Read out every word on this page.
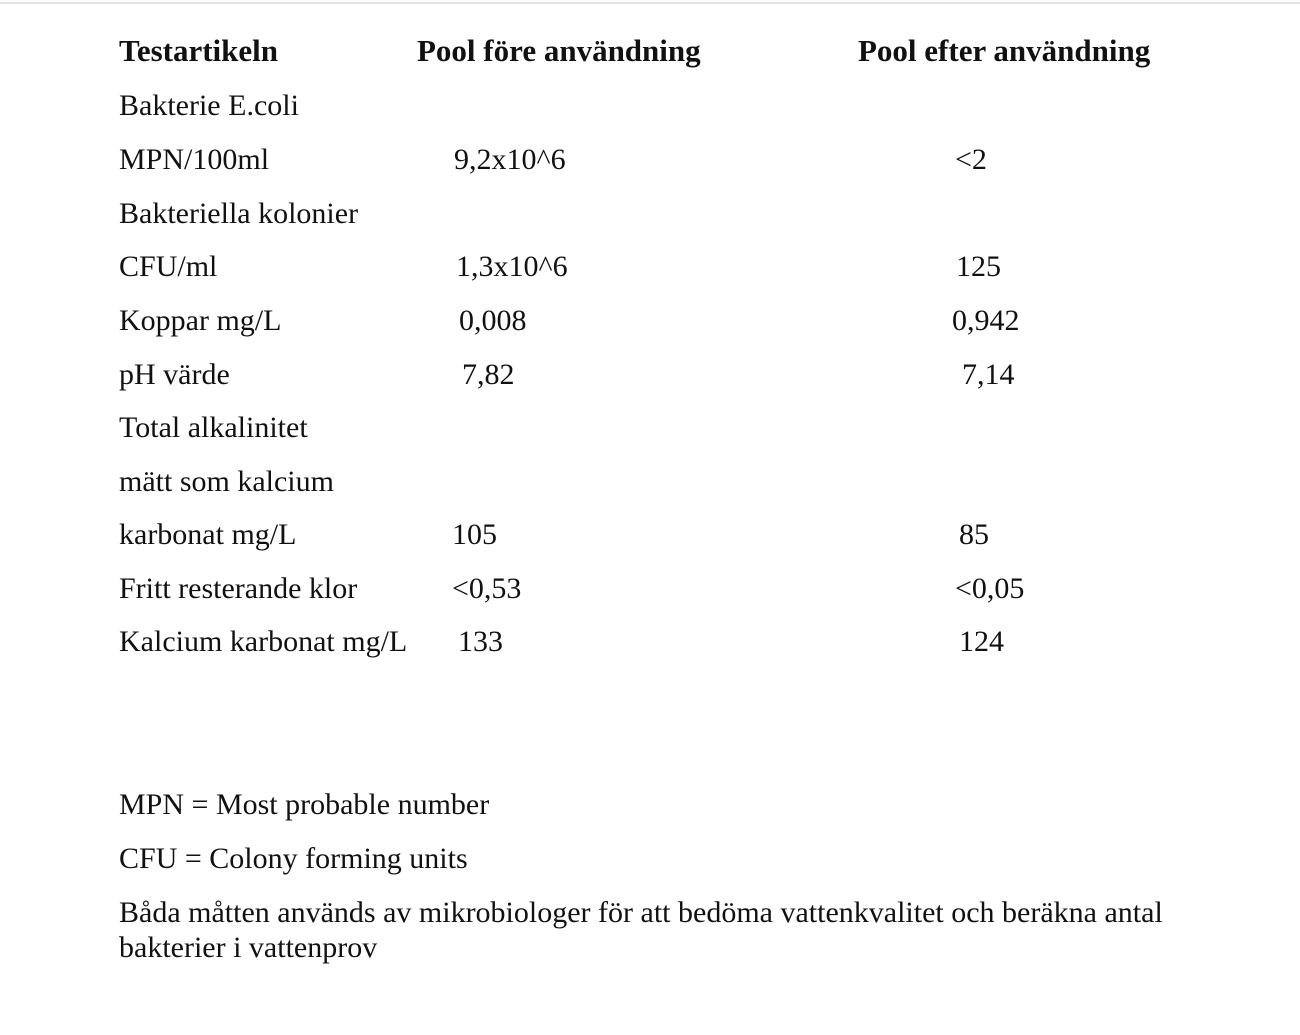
Testartikeln	Pool före användning	Pool efter användning
Bakterie E.coli
MPN/100ml	9,2x10^6	<2
Bakteriella kolonier
CFU/ml	1,3x10^6	125
Koppar mg/L	0,008	0,942
pH värde	7,82	7,14
Total alkalinitet
mätt som kalcium
karbonat mg/L	105	85
Fritt resterande klor	<0,53	<0,05
Kalcium karbonat mg/L 133	124
MPN = Most probable number
CFU = Colony forming units
Båda måtten används av mikrobiologer för att bedöma vattenkvalitet och beräkna antal bakterier i vattenprov
